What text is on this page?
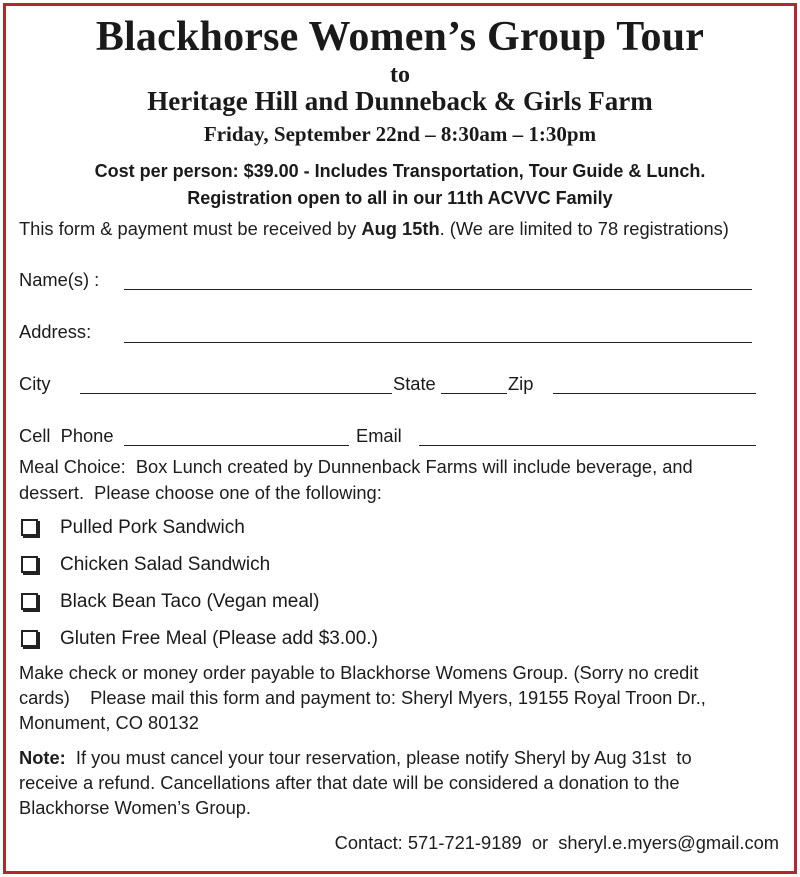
Blackhorse Women’s Group Tour
to
Heritage Hill and Dunneback & Girls Farm
Friday, September 22nd – 8:30am – 1:30pm
Cost per person: $39.00 - Includes Transportation, Tour Guide & Lunch.
Registration open to all in our 11th ACVVC Family
This form & payment must be received by Aug 15th. (We are limited to 78 registrations)
Name(s) :
Address:
City	State	Zip
Cell  Phone	Email
Meal Choice:  Box Lunch created by Dunnenback Farms will include beverage, and
dessert.  Please choose one of the following:
Pulled Pork Sandwich
Chicken Salad Sandwich
Black Bean Taco (Vegan meal)
Gluten Free Meal (Please add $3.00.)
Make check or money order payable to Blackhorse Womens Group. (Sorry no credit
cards)    Please mail this form and payment to: Sheryl Myers, 19155 Royal Troon Dr.,
Monument, CO 80132
Note:  If you must cancel your tour reservation, please notify Sheryl by Aug 31st  to
receive a refund. Cancellations after that date will be considered a donation to the
Blackhorse Women’s Group.
Contact: 571-721-9189  or  sheryl.e.myers@gmail.com
